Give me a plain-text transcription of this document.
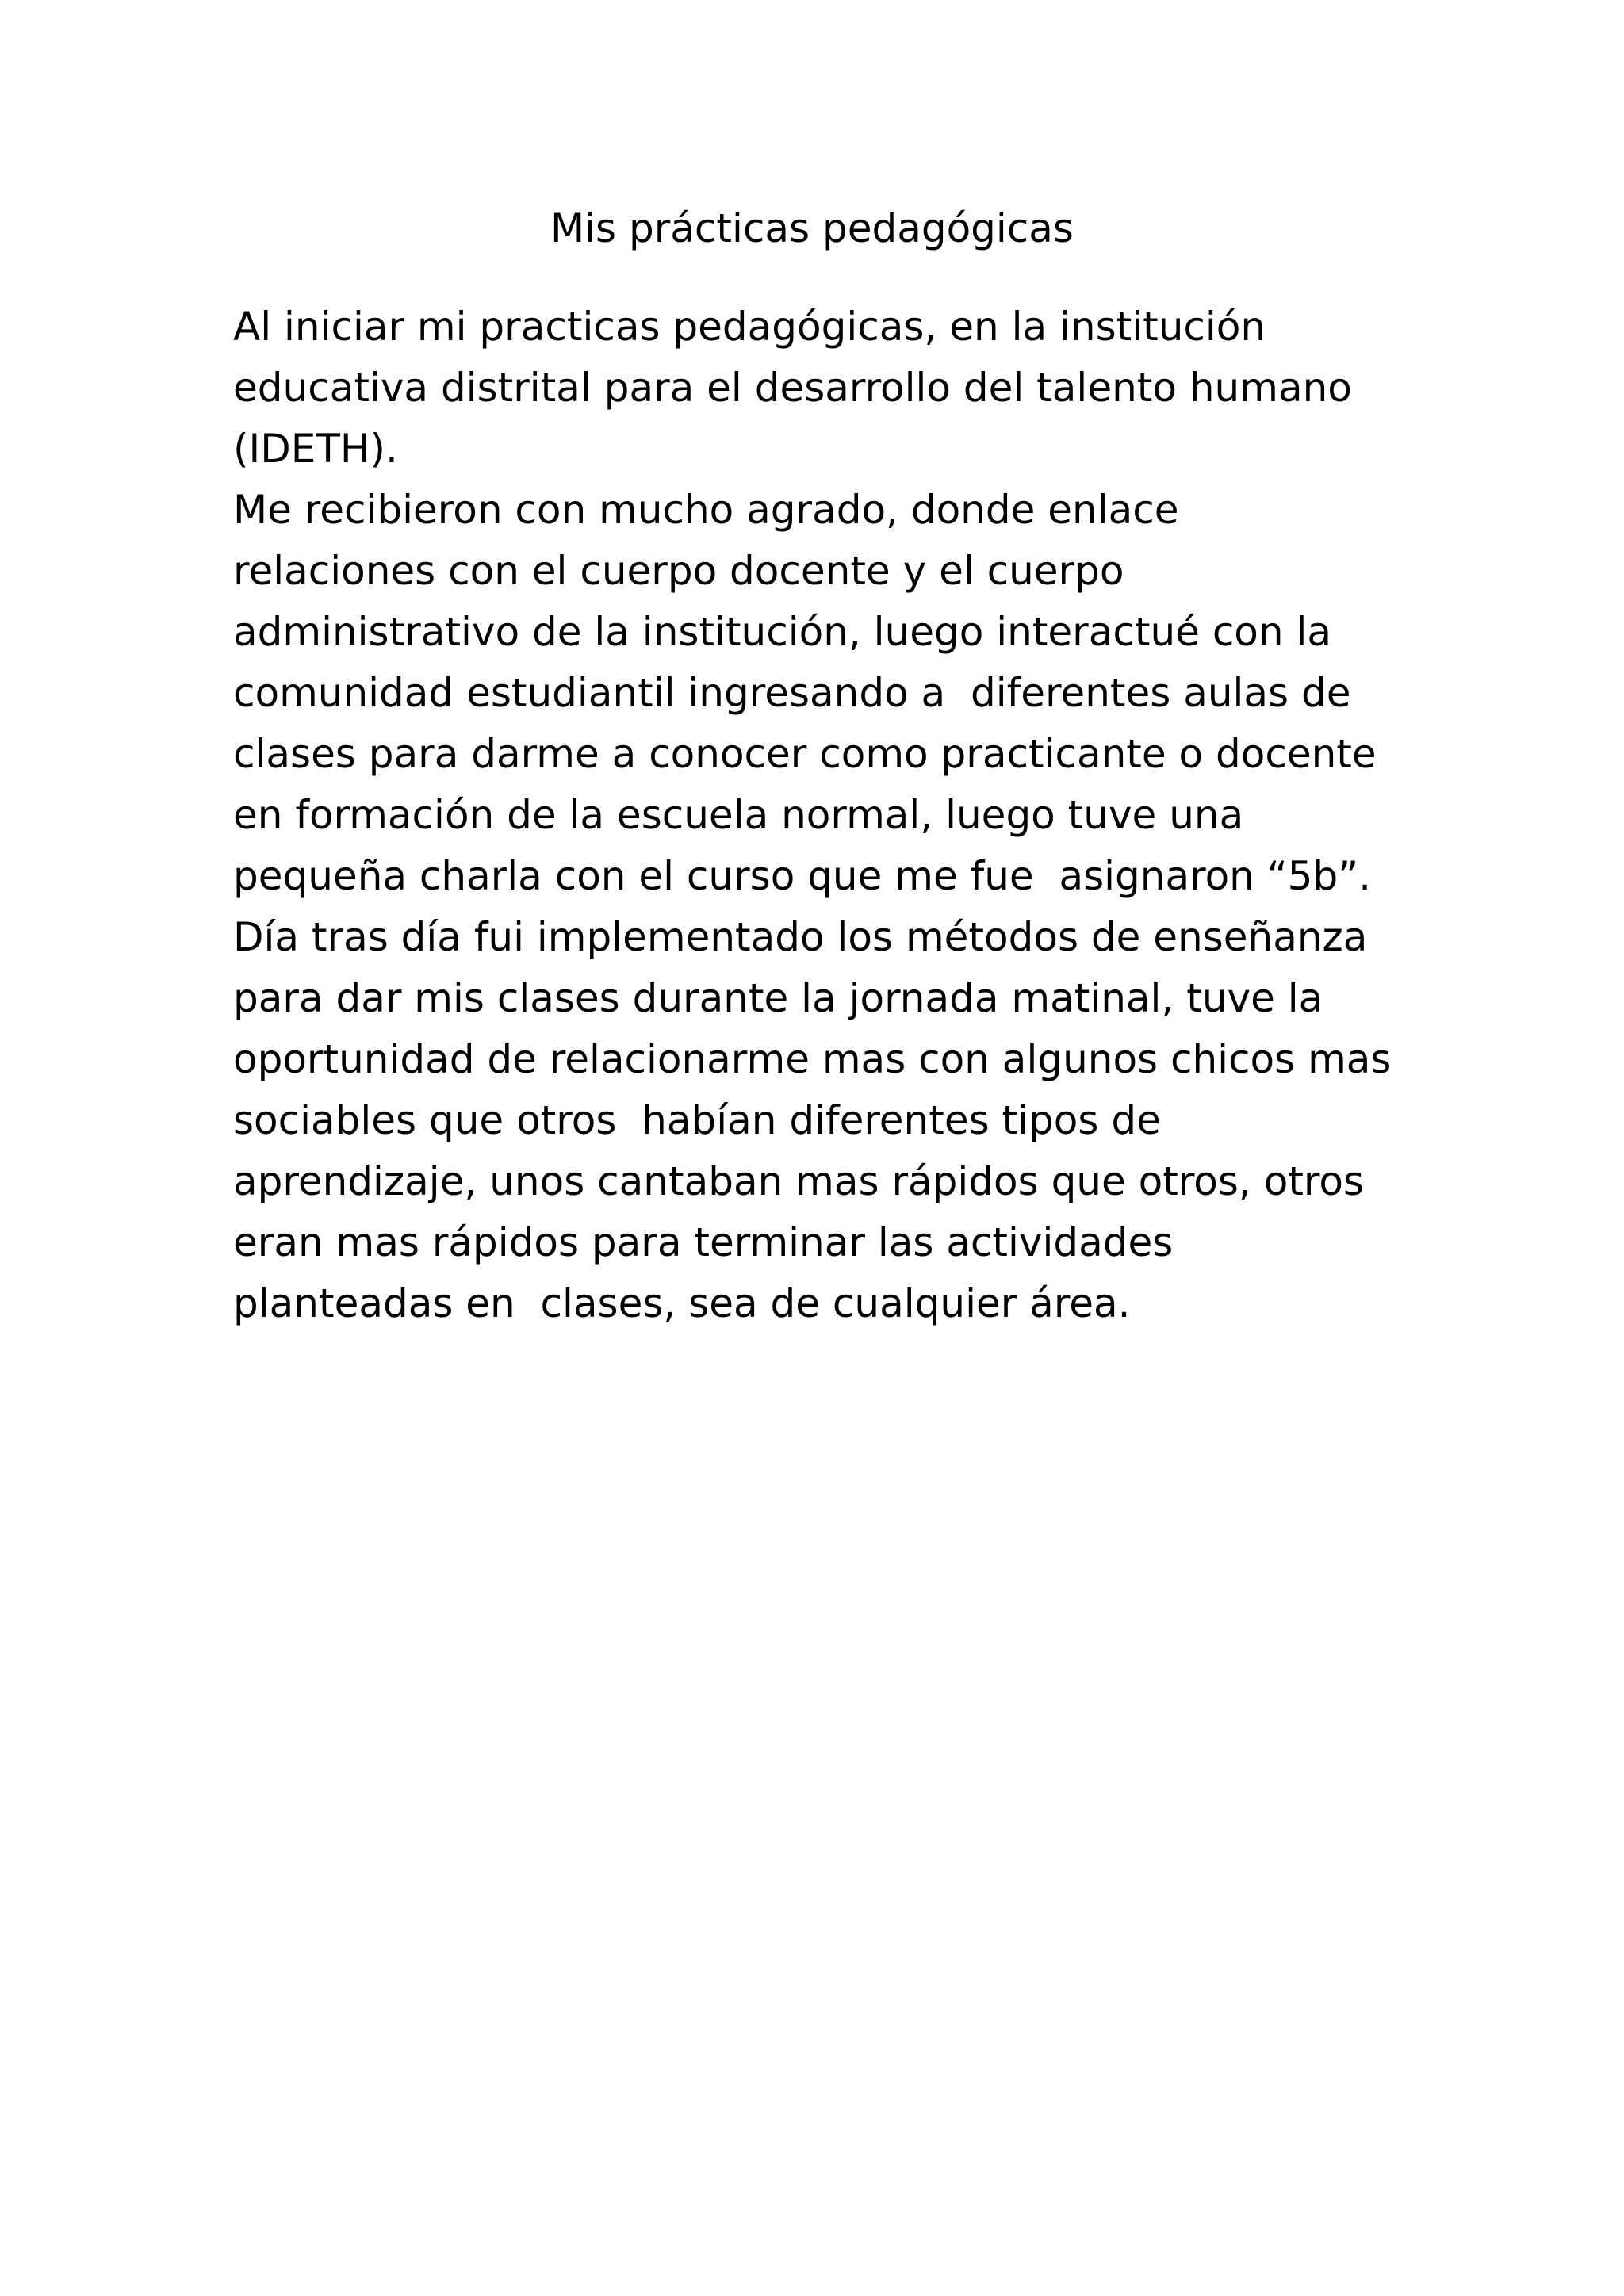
Mis prácticas pedagógicas
Al iniciar mi practicas pedagógicas, en la institución
educativa distrital para el desarrollo del talento humano
(IDETH).
Me recibieron con mucho agrado, donde enlace
relaciones con el cuerpo docente y el cuerpo
administrativo de la institución, luego interactué con la
comunidad estudiantil ingresando a  diferentes aulas de
clases para darme a conocer como practicante o docente
en formación de la escuela normal, luego tuve una
pequeña charla con el curso que me fue  asignaron “5b”.
Día tras día fui implementado los métodos de enseñanza
para dar mis clases durante la jornada matinal, tuve la
oportunidad de relacionarme mas con algunos chicos mas
sociables que otros  habían diferentes tipos de
aprendizaje, unos cantaban mas rápidos que otros, otros
eran mas rápidos para terminar las actividades
planteadas en  clases, sea de cualquier área.
